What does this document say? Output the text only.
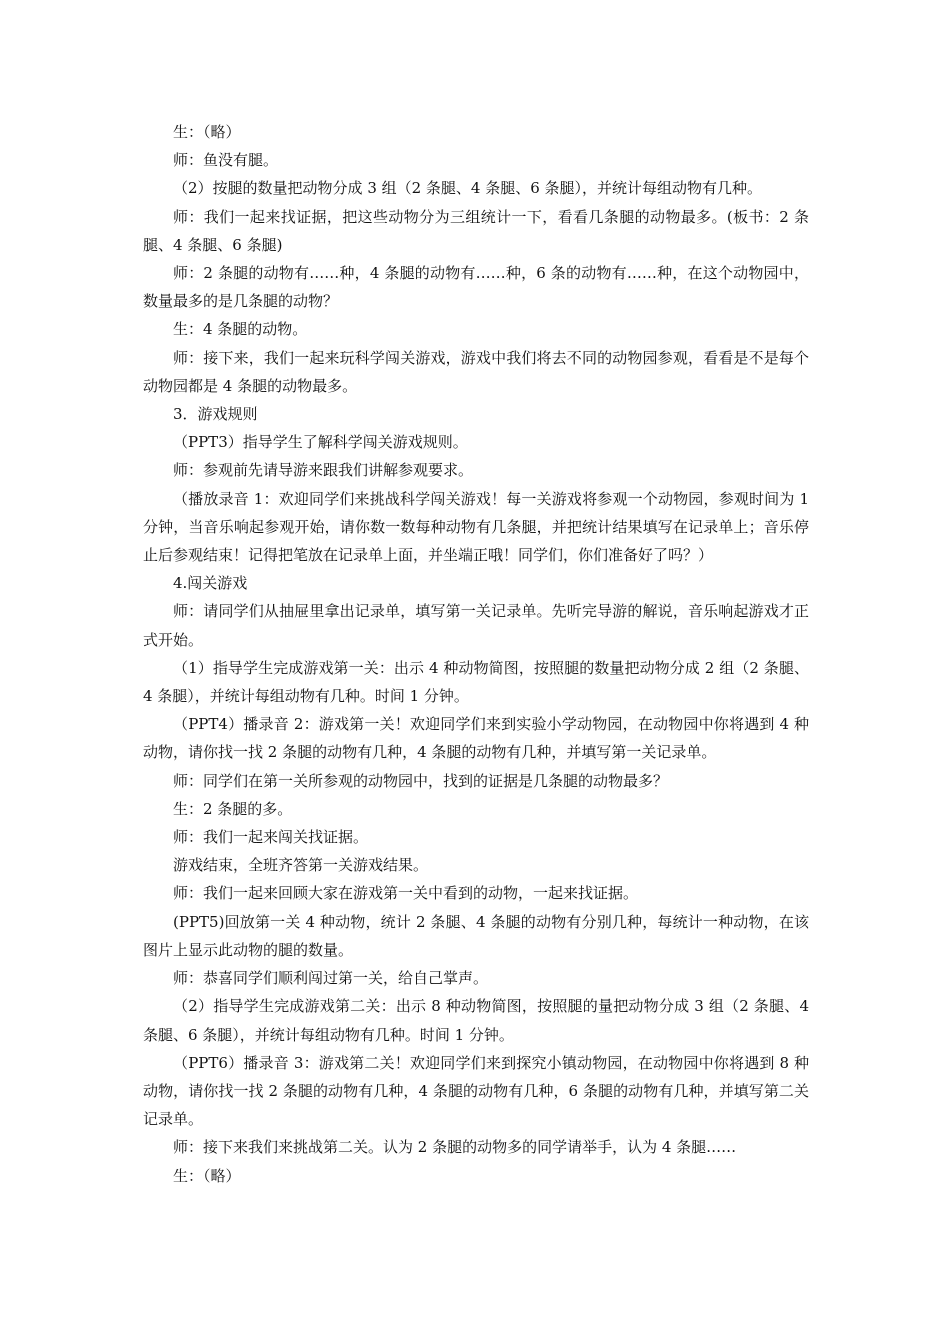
生：（略）

师：鱼没有腿。

（2）按腿的数量把动物分成 3 组（2 条腿、4 条腿、6 条腿），并统计每组动物有几种。

师：我们一起来找证据，把这些动物分为三组统计一下，看看几条腿的动物最多。(板书：2 条腿、4 条腿、6 条腿)

师：2 条腿的动物有……种，4 条腿的动物有……种，6 条的动物有……种，在这个动物园中，数量最多的是几条腿的动物？

生：4 条腿的动物。

师：接下来，我们一起来玩科学闯关游戏，游戏中我们将去不同的动物园参观，看看是不是每个动物园都是 4 条腿的动物最多。

3．游戏规则

（PPT3）指导学生了解科学闯关游戏规则。

师：参观前先请导游来跟我们讲解参观要求。

（播放录音 1：欢迎同学们来挑战科学闯关游戏！每一关游戏将参观一个动物园，参观时间为 1 分钟，当音乐响起参观开始，请你数一数每种动物有几条腿，并把统计结果填写在记录单上；音乐停止后参观结束！记得把笔放在记录单上面，并坐端正哦！同学们，你们准备好了吗？）

4.闯关游戏

师：请同学们从抽屉里拿出记录单，填写第一关记录单。先听完导游的解说，音乐响起游戏才正式开始。

（1）指导学生完成游戏第一关：出示 4 种动物简图，按照腿的数量把动物分成 2 组（2 条腿、4 条腿），并统计每组动物有几种。时间 1 分钟。

（PPT4）播录音 2：游戏第一关！欢迎同学们来到实验小学动物园，在动物园中你将遇到 4 种动物，请你找一找 2 条腿的动物有几种，4 条腿的动物有几种，并填写第一关记录单。

师：同学们在第一关所参观的动物园中，找到的证据是几条腿的动物最多？

生：2 条腿的多。

师：我们一起来闯关找证据。

游戏结束，全班齐答第一关游戏结果。

师：我们一起来回顾大家在游戏第一关中看到的动物，一起来找证据。

(PPT5)回放第一关 4 种动物，统计 2 条腿、4 条腿的动物有分别几种，每统计一种动物，在该图片上显示此动物的腿的数量。

师：恭喜同学们顺利闯过第一关，给自己掌声。

（2）指导学生完成游戏第二关：出示 8 种动物简图，按照腿的量把动物分成 3 组（2 条腿、4 条腿、6 条腿），并统计每组动物有几种。时间 1 分钟。

（PPT6）播录音 3：游戏第二关！欢迎同学们来到探究小镇动物园，在动物园中你将遇到 8 种动物，请你找一找 2 条腿的动物有几种，4 条腿的动物有几种，6 条腿的动物有几种，并填写第二关记录单。

师：接下来我们来挑战第二关。认为 2 条腿的动物多的同学请举手，认为 4 条腿……

生：（略）
